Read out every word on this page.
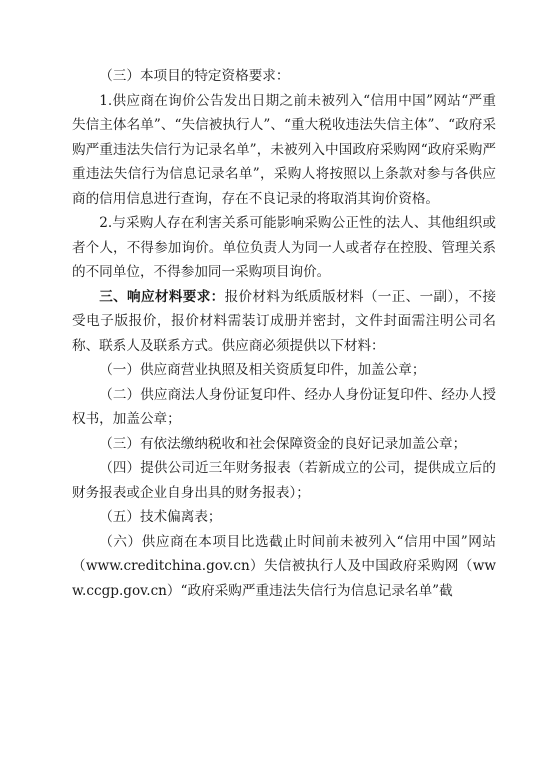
（三）本项目的特定资格要求：

1.供应商在询价公告发出日期之前未被列入“信用中国”网站“严重失信主体名单”、“失信被执行人”、“重大税收违法失信主体”、“政府采购严重违法失信行为记录名单”，未被列入中国政府采购网“政府采购严重违法失信行为信息记录名单”，采购人将按照以上条款对参与各供应商的信用信息进行查询，存在不良记录的将取消其询价资格。

2.与采购人存在利害关系可能影响采购公正性的法人、其他组织或者个人，不得参加询价。单位负责人为同一人或者存在控股、管理关系的不同单位，不得参加同一采购项目询价。

三、响应材料要求：报价材料为纸质版材料（一正、一副），不接受电子版报价，报价材料需装订成册并密封，文件封面需注明公司名称、联系人及联系方式。供应商必须提供以下材料：

（一）供应商营业执照及相关资质复印件，加盖公章；

（二）供应商法人身份证复印件、经办人身份证复印件、经办人授权书，加盖公章；

（三）有依法缴纳税收和社会保障资金的良好记录加盖公章；

（四）提供公司近三年财务报表（若新成立的公司，提供成立后的财务报表或企业自身出具的财务报表）；

（五）技术偏离表；

（六）供应商在本项目比选截止时间前未被列入“信用中国”网站（www.creditchina.gov.cn）失信被执行人及中国政府采购网（www.ccgp.gov.cn）“政府采购严重违法失信行为信息记录名单”截
